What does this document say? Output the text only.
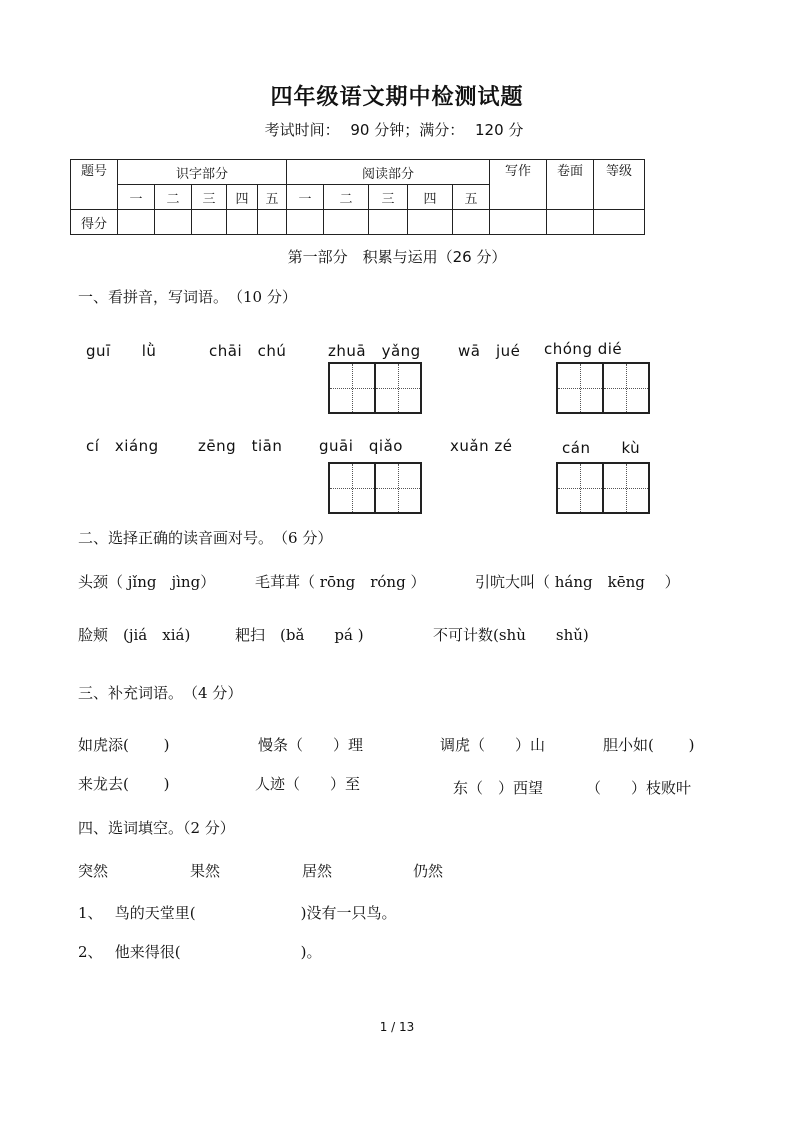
四年级语文期中检测试题
考试时间： 90 分钟；满分： 120 分
题号	识字部分					阅读部分					写作	卷面	等级
	一	二	三	四	五	一	二	三	四	五			
得分													
第一部分　积累与运用（26 分）
一、看拼音，写词语。　（10 分）
guī　　lǜ	chāi　chú	zhuā　yǎng wā　jué chóng dié
cí　xiáng	zēng　tiān guāi　qiǎo	xuǎn zé	cán　　kù
二、选择正确的读音画对号。　（6 分）
头颈（ jǐng　jìng）	毛茸茸（ rōng　róng ）	引吭大叫（ háng　kēng　 ）
脸颊　(jiá　xiá)	耙扫　(bǎ　　pá )	不可计数(shù　　shǔ)
三、补充词语。　（4 分）
如虎添(　　 )	慢条（　　）理	调虎（　　）山	胆小如(　　 )
来龙去(　　 )	人迹（　　）至	东（　）西望	（　　）枝败叶
四、选词填空。（2 分）
突然	果然	居然	仍然
1、　 鸟的天堂里(　　　　　　　)没有一只鸟。
2、　 他来得很(　　　　　　　　)。
1 / 13
